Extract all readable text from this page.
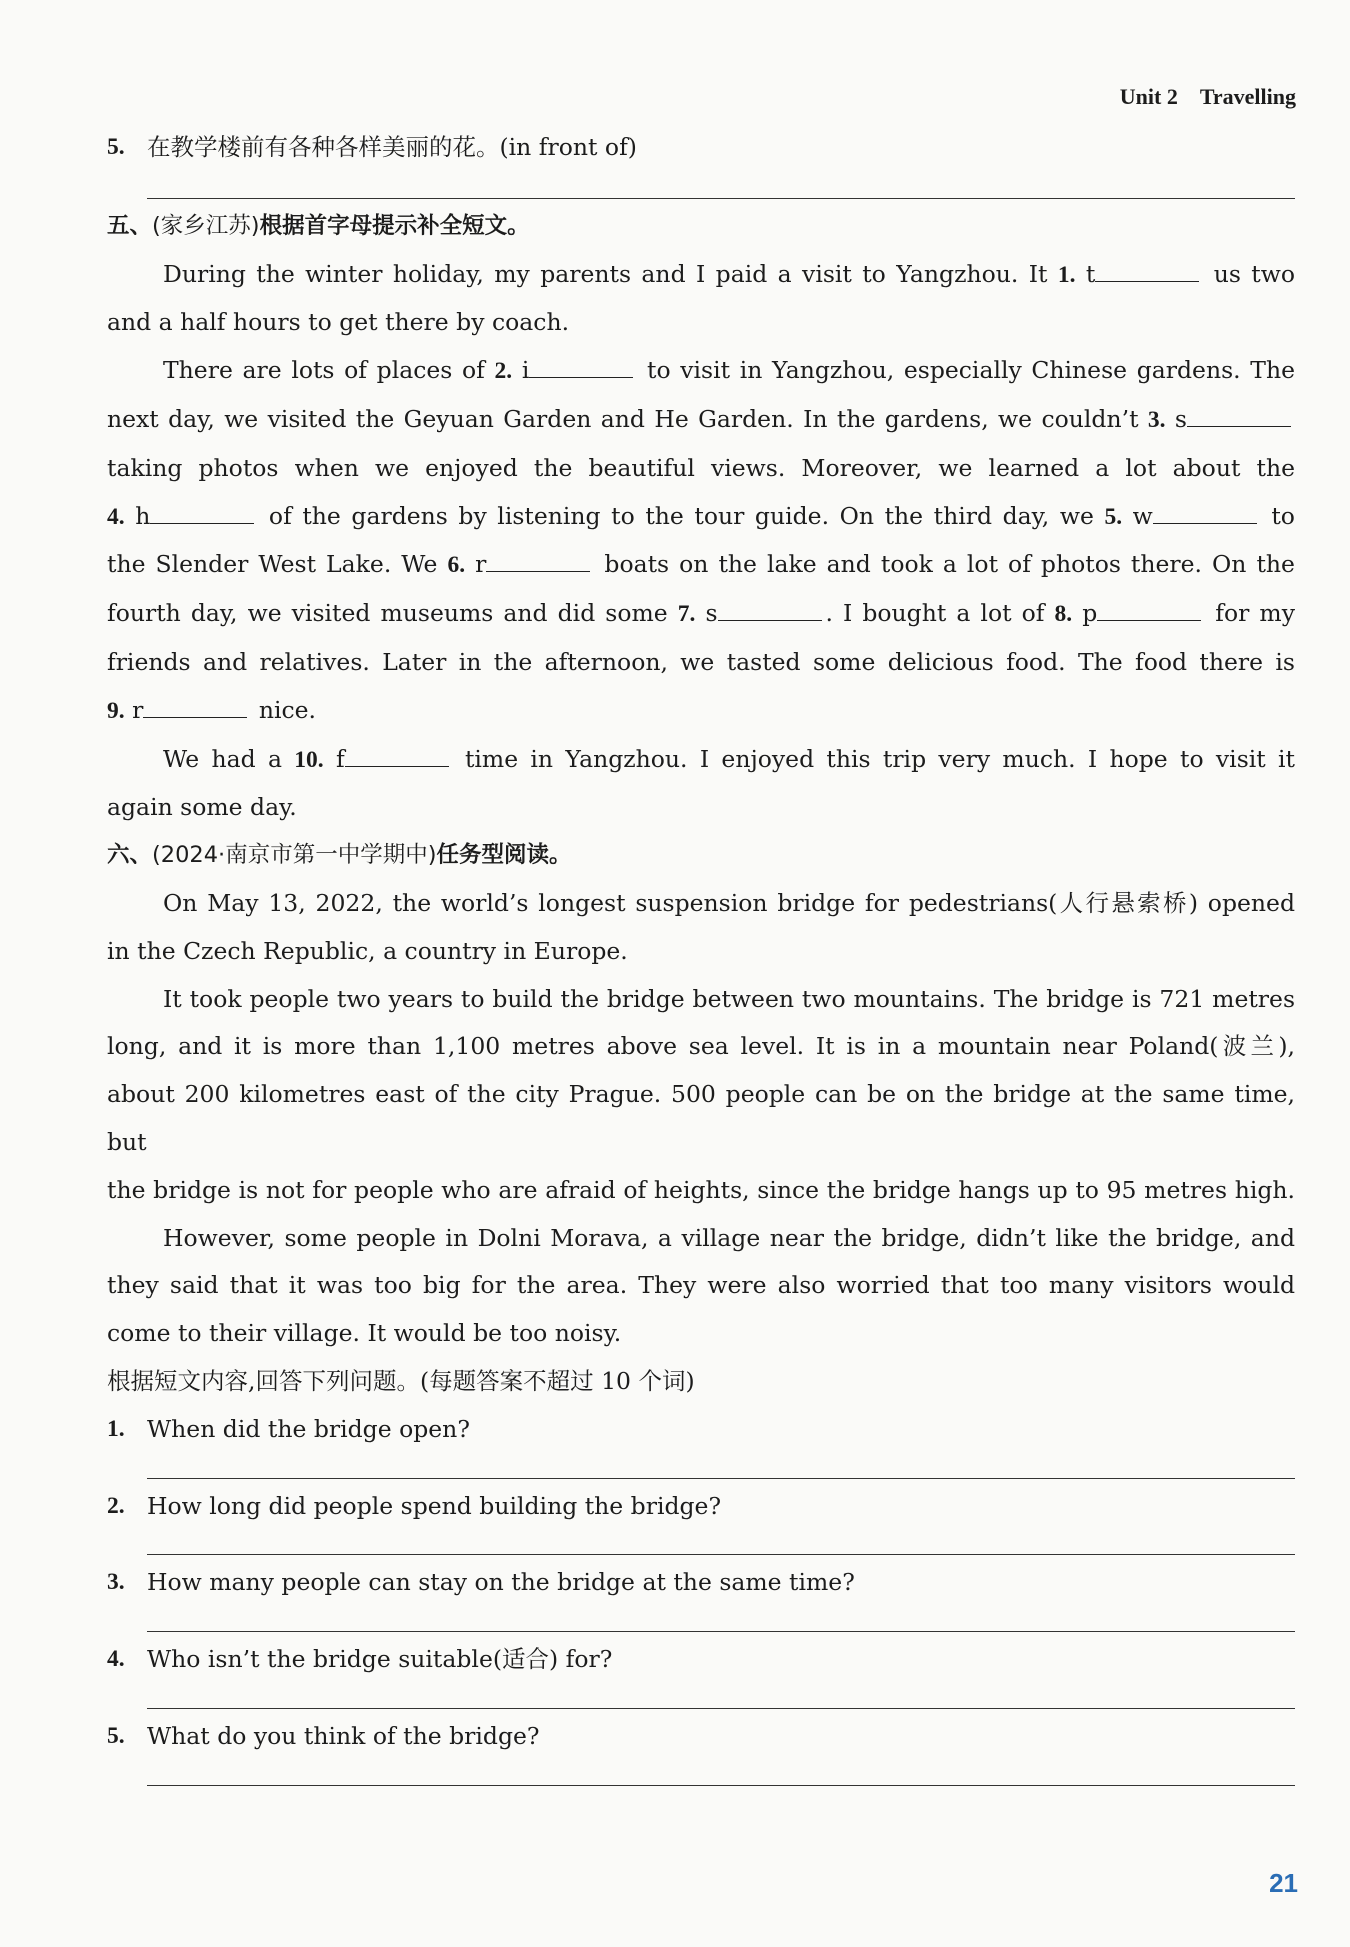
Unit 2 Travelling
5. 在教学楼前有各种各样美丽的花。(in front of)

五、(家乡江苏)根据首字母提示补全短文。

During the winter holiday, my parents and I paid a visit to Yangzhou. It 1. t	us two

and a half hours to get there by coach.

There are lots of places of 2. i	to visit in Yangzhou, especially Chinese gardens. The

next day, we visited the Geyuan Garden and He Garden. In the gardens, we couldn’t 3. s

taking photos when we enjoyed the beautiful views. Moreover, we learned a lot about the

4. h	of the gardens by listening to the tour guide. On the third day, we 5. w	to

the Slender West Lake. We 6. r	boats on the lake and took a lot of photos there. On the

fourth day, we visited museums and did some 7. s	. I bought a lot of 8. p	for my

friends and relatives. Later in the afternoon, we tasted some delicious food. The food there is

9. r	nice.

We had a 10. f	time in Yangzhou. I enjoyed this trip very much. I hope to visit it

again some day.

六、(2024·南京市第一中学期中)任务型阅读。

On May 13, 2022, the world’s longest suspension bridge for pedestrians(人行悬索桥) opened

in the Czech Republic, a country in Europe.

It took people two years to build the bridge between two mountains. The bridge is 721 metres

long, and it is more than 1,100 metres above sea level. It is in a mountain near Poland(波兰),

about 200 kilometres east of the city Prague. 500 people can be on the bridge at the same time, but

the bridge is not for people who are afraid of heights, since the bridge hangs up to 95 metres high.

However, some people in Dolni Morava, a village near the bridge, didn’t like the bridge, and

they said that it was too big for the area. They were also worried that too many visitors would

come to their village. It would be too noisy.

根据短文内容,回答下列问题。(每题答案不超过 10 个词)

1. When did the bridge open?
2. How long did people spend building the bridge?
3. How many people can stay on the bridge at the same time?
4. Who isn’t the bridge suitable(适合) for?
5. What do you think of the bridge?
21
